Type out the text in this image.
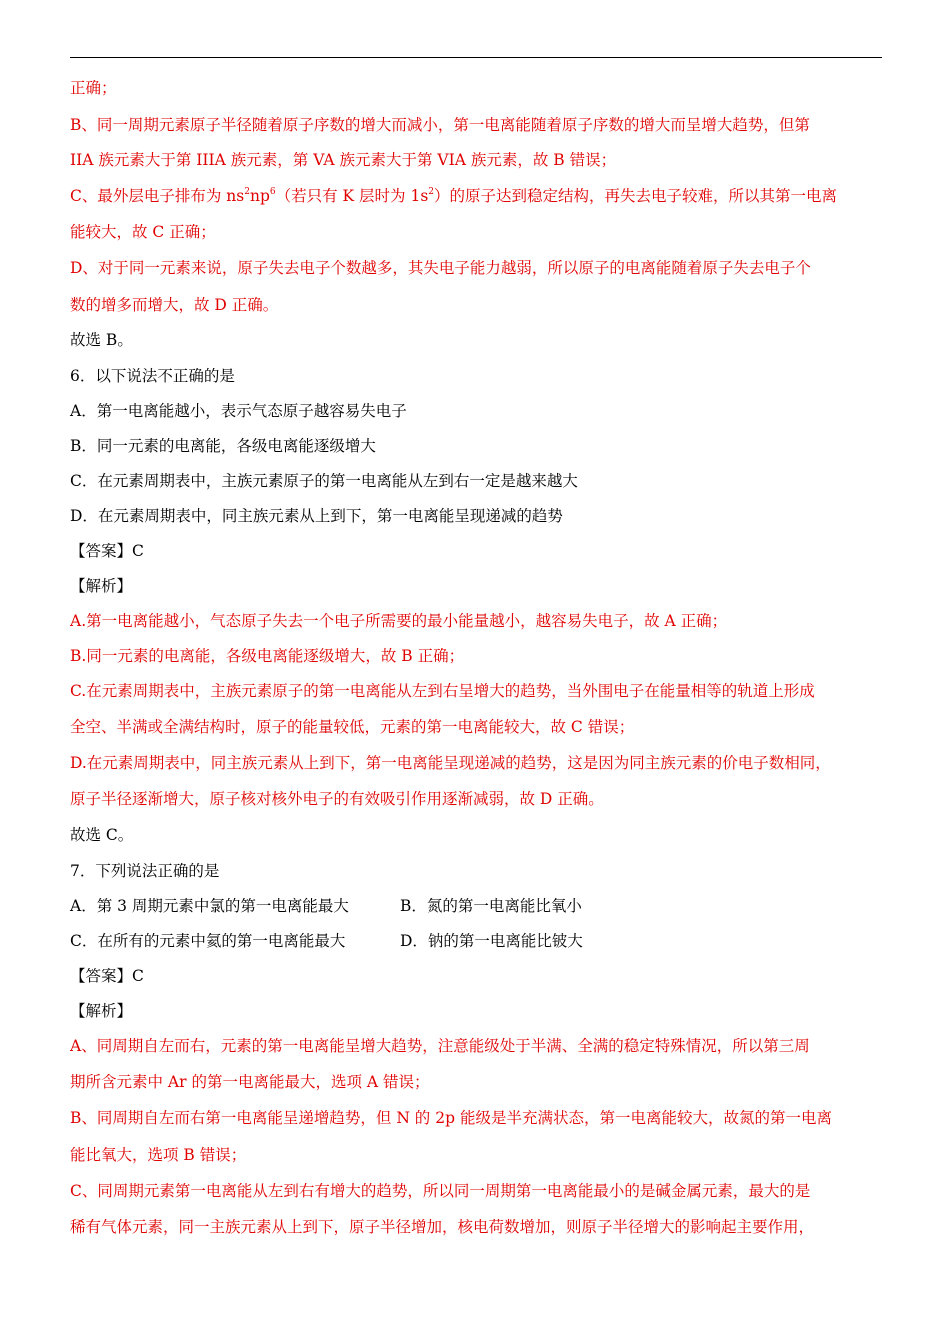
正确；
B、同一周期元素原子半径随着原子序数的增大而减小，第一电离能随着原子序数的增大而呈增大趋势，但第
IIA 族元素大于第 IIIA 族元素，第 VA 族元素大于第 VIA 族元素，故 B 错误；
C、最外层电子排布为 $ns^2np^6$（若只有 K 层时为 $1s^2$）的原子达到稳定结构，再失去电子较难，所以其第一电离
能较大，故 C 正确；
D、对于同一元素来说，原子失去电子个数越多，其失电子能力越弱，所以原子的电离能随着原子失去电子个
数的增多而增大，故 D 正确。
故选 B。
6．以下说法不正确的是
A．第一电离能越小，表示气态原子越容易失电子
B．同一元素的电离能，各级电离能逐级增大
C．在元素周期表中，主族元素原子的第一电离能从左到右一定是越来越大
D．在元素周期表中，同主族元素从上到下，第一电离能呈现递减的趋势
【答案】C
【解析】
A.第一电离能越小，气态原子失去一个电子所需要的最小能量越小，越容易失电子，故 A 正确；
B.同一元素的电离能，各级电离能逐级增大，故 B 正确；
C.在元素周期表中，主族元素原子的第一电离能从左到右呈增大的趋势，当外围电子在能量相等的轨道上形成
全空、半满或全满结构时，原子的能量较低，元素的第一电离能较大，故 C 错误；
D.在元素周期表中，同主族元素从上到下，第一电离能呈现递减的趋势，这是因为同主族元素的价电子数相同，
原子半径逐渐增大，原子核对核外电子的有效吸引作用逐渐减弱，故 D 正确。
故选 C。
7．下列说法正确的是
A．第 3 周期元素中氯的第一电离能最大	B．氮的第一电离能比氧小
C．在所有的元素中氦的第一电离能最大	D．钠的第一电离能比铍大
【答案】C
【解析】
A、同周期自左而右，元素的第一电离能呈增大趋势，注意能级处于半满、全满的稳定特殊情况，所以第三周
期所含元素中 Ar 的第一电离能最大，选项 A 错误；
B、同周期自左而右第一电离能呈递增趋势，但 N 的 2p 能级是半充满状态，第一电离能较大，故氮的第一电离
能比氧大，选项 B 错误；
C、同周期元素第一电离能从左到右有增大的趋势，所以同一周期第一电离能最小的是碱金属元素，最大的是
稀有气体元素，同一主族元素从上到下，原子半径增加，核电荷数增加，则原子半径增大的影响起主要作用，
